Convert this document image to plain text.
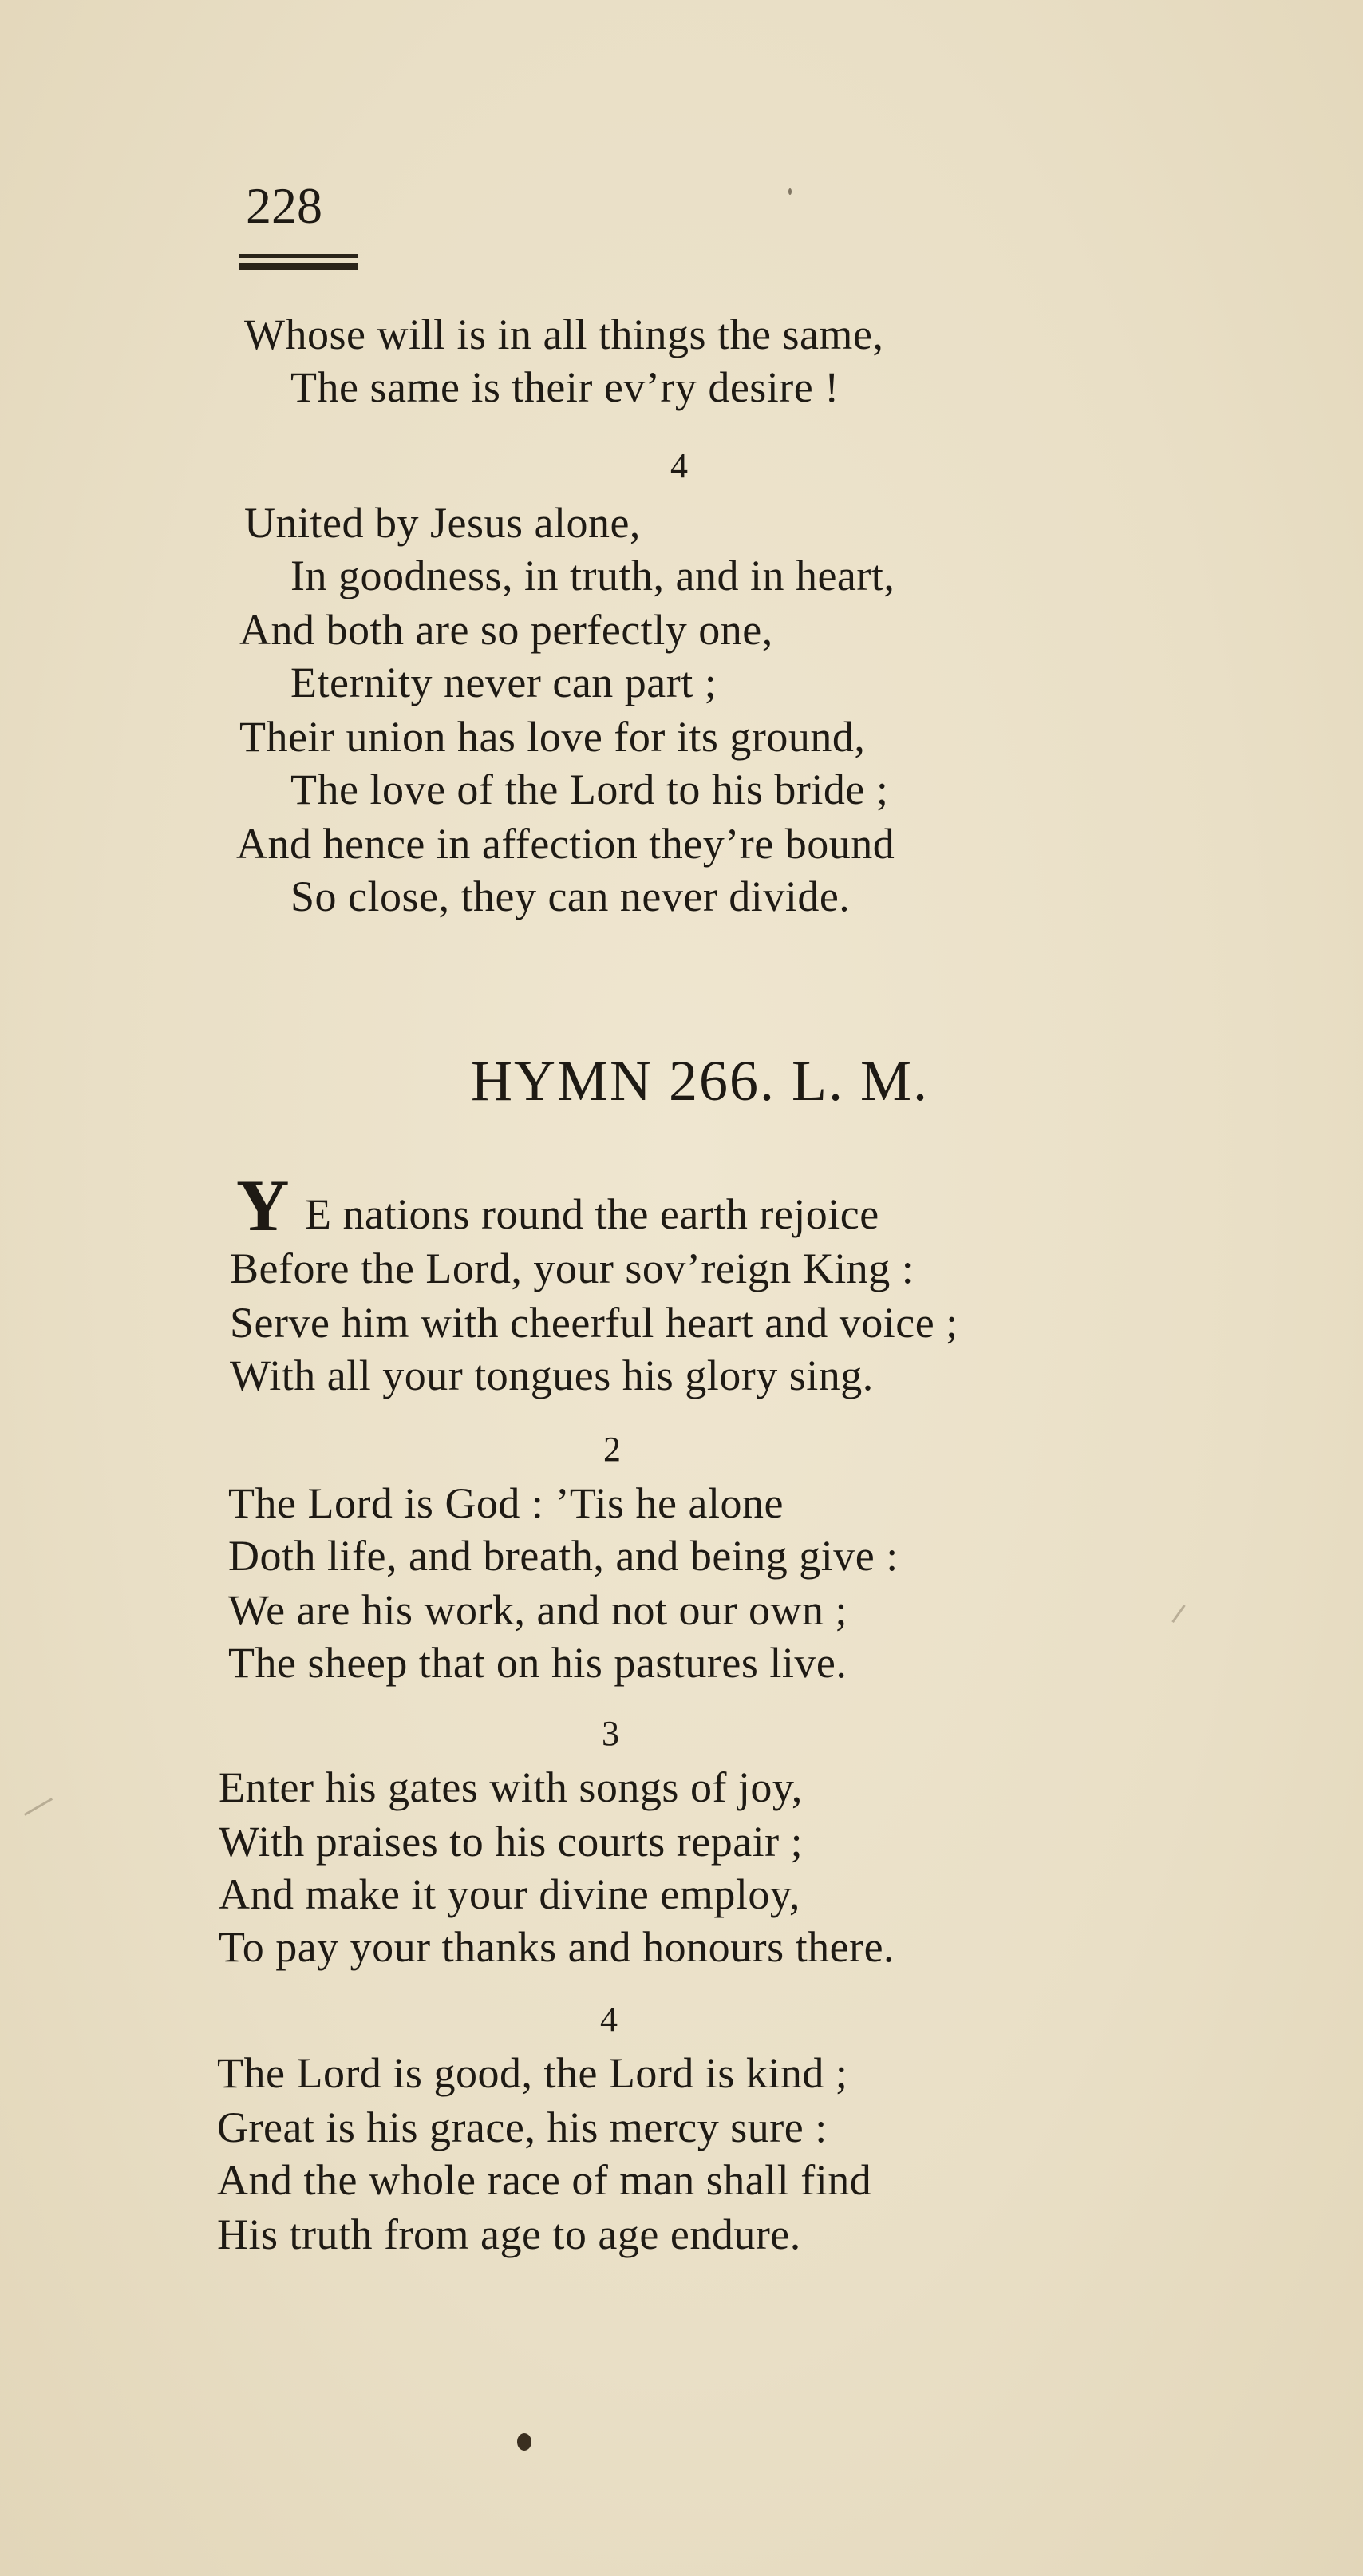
228
Whose will is in all things the same,
The same is their ev’ry desire !
4
United by Jesus alone,
In goodness, in truth, and in heart,
And both are so perfectly one,
Eternity never can part ;
Their union has love for its ground,
The love of the Lord to his bride ;
And hence in affection they’re bound
So close, they can never divide.
HYMN 266. L. M.
Y E nations round the earth rejoice
Before the Lord, your sov’reign King :
Serve him with cheerful heart and voice ;
With all your tongues his glory sing.
2
The Lord is God : ’Tis he alone
Doth life, and breath, and being give :
We are his work, and not our own ;
The sheep that on his pastures live.
3
Enter his gates with songs of joy,
With praises to his courts repair ;
And make it your divine employ,
To pay your thanks and honours there.
4
The Lord is good, the Lord is kind ;
Great is his grace, his mercy sure :
And the whole race of man shall find
His truth from age to age endure.
